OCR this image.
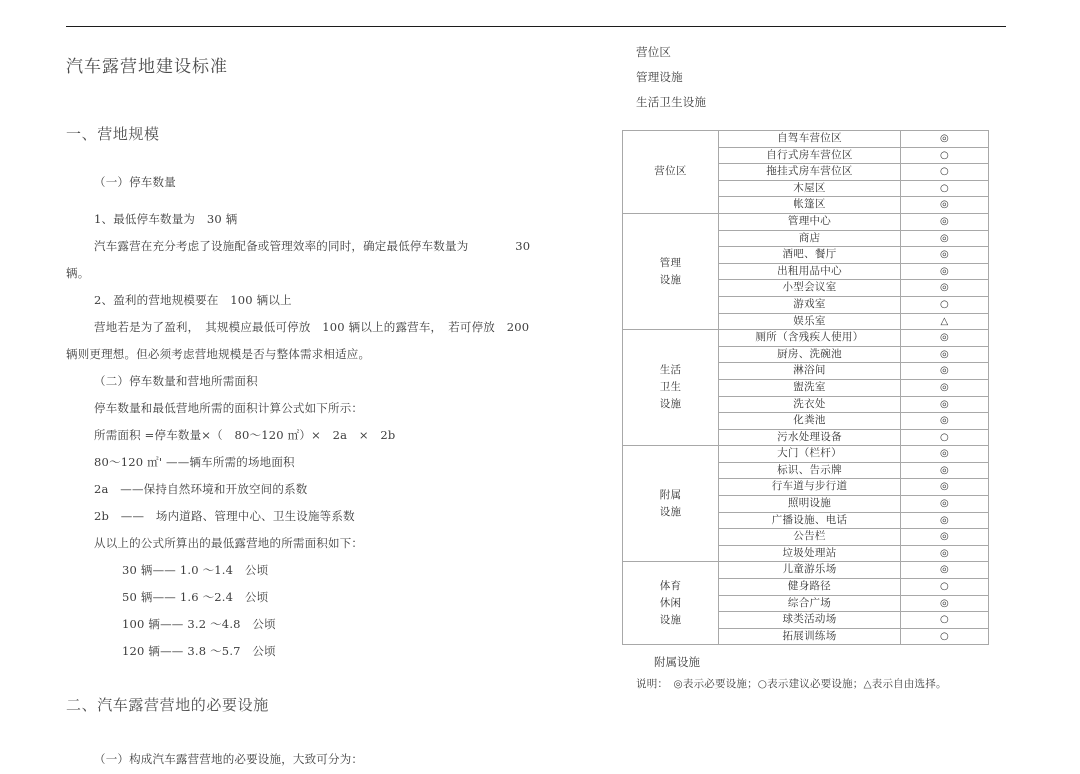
汽车露营地建设标准
一、营地规模

（一）停车数量

1、最低停车数量为　30 辆

汽车露营在充分考虑了设施配备或管理效率的同时，确定最低停车数量为　　　　30

辆。

2、盈利的营地规模要在　100 辆以上

营地若是为了盈利，　其规模应最低可停放　100 辆以上的露营车，　若可停放　200

辆则更理想。但必须考虑营地规模是否与整体需求相适应。

（二）停车数量和营地所需面积

停车数量和最低营地所需的面积计算公式如下所示：

所需面积 =停车数量×（　80～120 ㎡）×　2a　×　2b

80～120 ㎡' ——辆车所需的场地面积

2a　——保持自然环境和开放空间的系数

2b　——　场内道路、管理中心、卫生设施等系数

从以上的公式所算出的最低露营地的所需面积如下：

30 辆—— 1.0 ～1.4　公顷

50 辆—— 1.6 ～2.4　公顷

100 辆—— 3.2 ～4.8　公顷

120 辆—— 3.8 ～5.7　公顷

二、汽车露营营地的必要设施

（一）构成汽车露营营地的必要设施，大致可分为：

营位区
管理设施
生活卫生设施
营位区	自驾车营位区	◎
	自行式房车营位区	○
	拖挂式房车营位区	○
	木屋区	○
	帐篷区	◎
管理
设施	管理中心	◎
	商店	◎
	酒吧、餐厅	◎
	出租用品中心	◎
	小型会议室	◎
	游戏室	○
	娱乐室	△
生活
卫生
设施	厕所（含残疾人使用）	◎
	厨房、洗碗池	◎
	淋浴间	◎
	盥洗室	◎
	洗衣处	◎
	化粪池	◎
	污水处理设备	○
附属
设施	大门（栏杆）	◎
	标识、告示牌	◎
	行车道与步行道	◎
	照明设施	◎
	广播设施、电话	◎
	公告栏	◎
	垃圾处理站	◎
体育
休闲
设施	儿童游乐场	◎
	健身路径	○
	综合广场	◎
	球类活动场	○
	拓展训练场	○
附属设施
说明：　◎表示必要设施；○表示建议必要设施；△表示自由选择。
